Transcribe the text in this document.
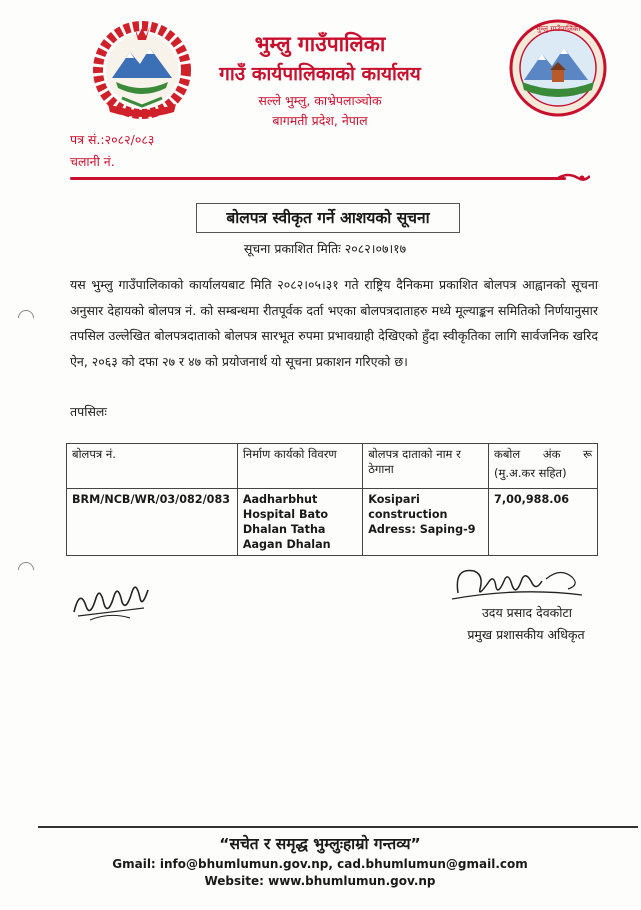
भुम्लु गाउँपालिका
गाउँ कार्यपालिकाको कार्यालय
सल्ले भुम्लु, काभ्रेपलाञ्चोक
बागमती प्रदेश, नेपाल
भुम्लु गाउँपालिका
पत्र सं.:२०८२/०८३
चलानी नं.
बोलपत्र स्वीकृत गर्ने आशयको सूचना
सूचना प्रकाशित मितिः २०८२।०७।१७
यस भुम्लु गाउँपालिकाको कार्यालयबाट मिति २०८२।०५।३१ गते राष्ट्रिय दैनिकमा प्रकाशित बोलपत्र आह्वानको सूचना अनुसार देहायको बोलपत्र नं. को सम्बन्धमा रीतपूर्वक दर्ता भएका बोलपत्रदाताहरु मध्ये मूल्याङ्कन समितिको निर्णयानुसार तपसिल उल्लेखित बोलपत्रदाताको बोलपत्र सारभूत रुपमा प्रभावग्राही देखिएको हुँदा स्वीकृतिका लागि सार्वजनिक खरिद ऐन, २०६३ को दफा २७ र ४७ को प्रयोजनार्थ यो सूचना प्रकाशन गरिएको छ।
तपसिलः
बोलपत्र नं.	निर्माण कार्यको विवरण	बोलपत्र दाताको नाम र ठेगाना	कबोल अंक रू
(मु.अ.कर सहित)

BRM/NCB/WR/03/082/083	Aadharbhut Hospital Bato Dhalan Tatha Aagan Dhalan	Kosipari construction
Adress: Saping-9	7,00,988.06
उदय प्रसाद देवकोटा
प्रमुख प्रशासकीय अधिकृत
“सचेत र समृद्ध भुम्लुःहाम्रो गन्तव्य”
Gmail: info@bhumlumun.gov.np, cad.bhumlumun@gmail.com
Website: www.bhumlumun.gov.np
